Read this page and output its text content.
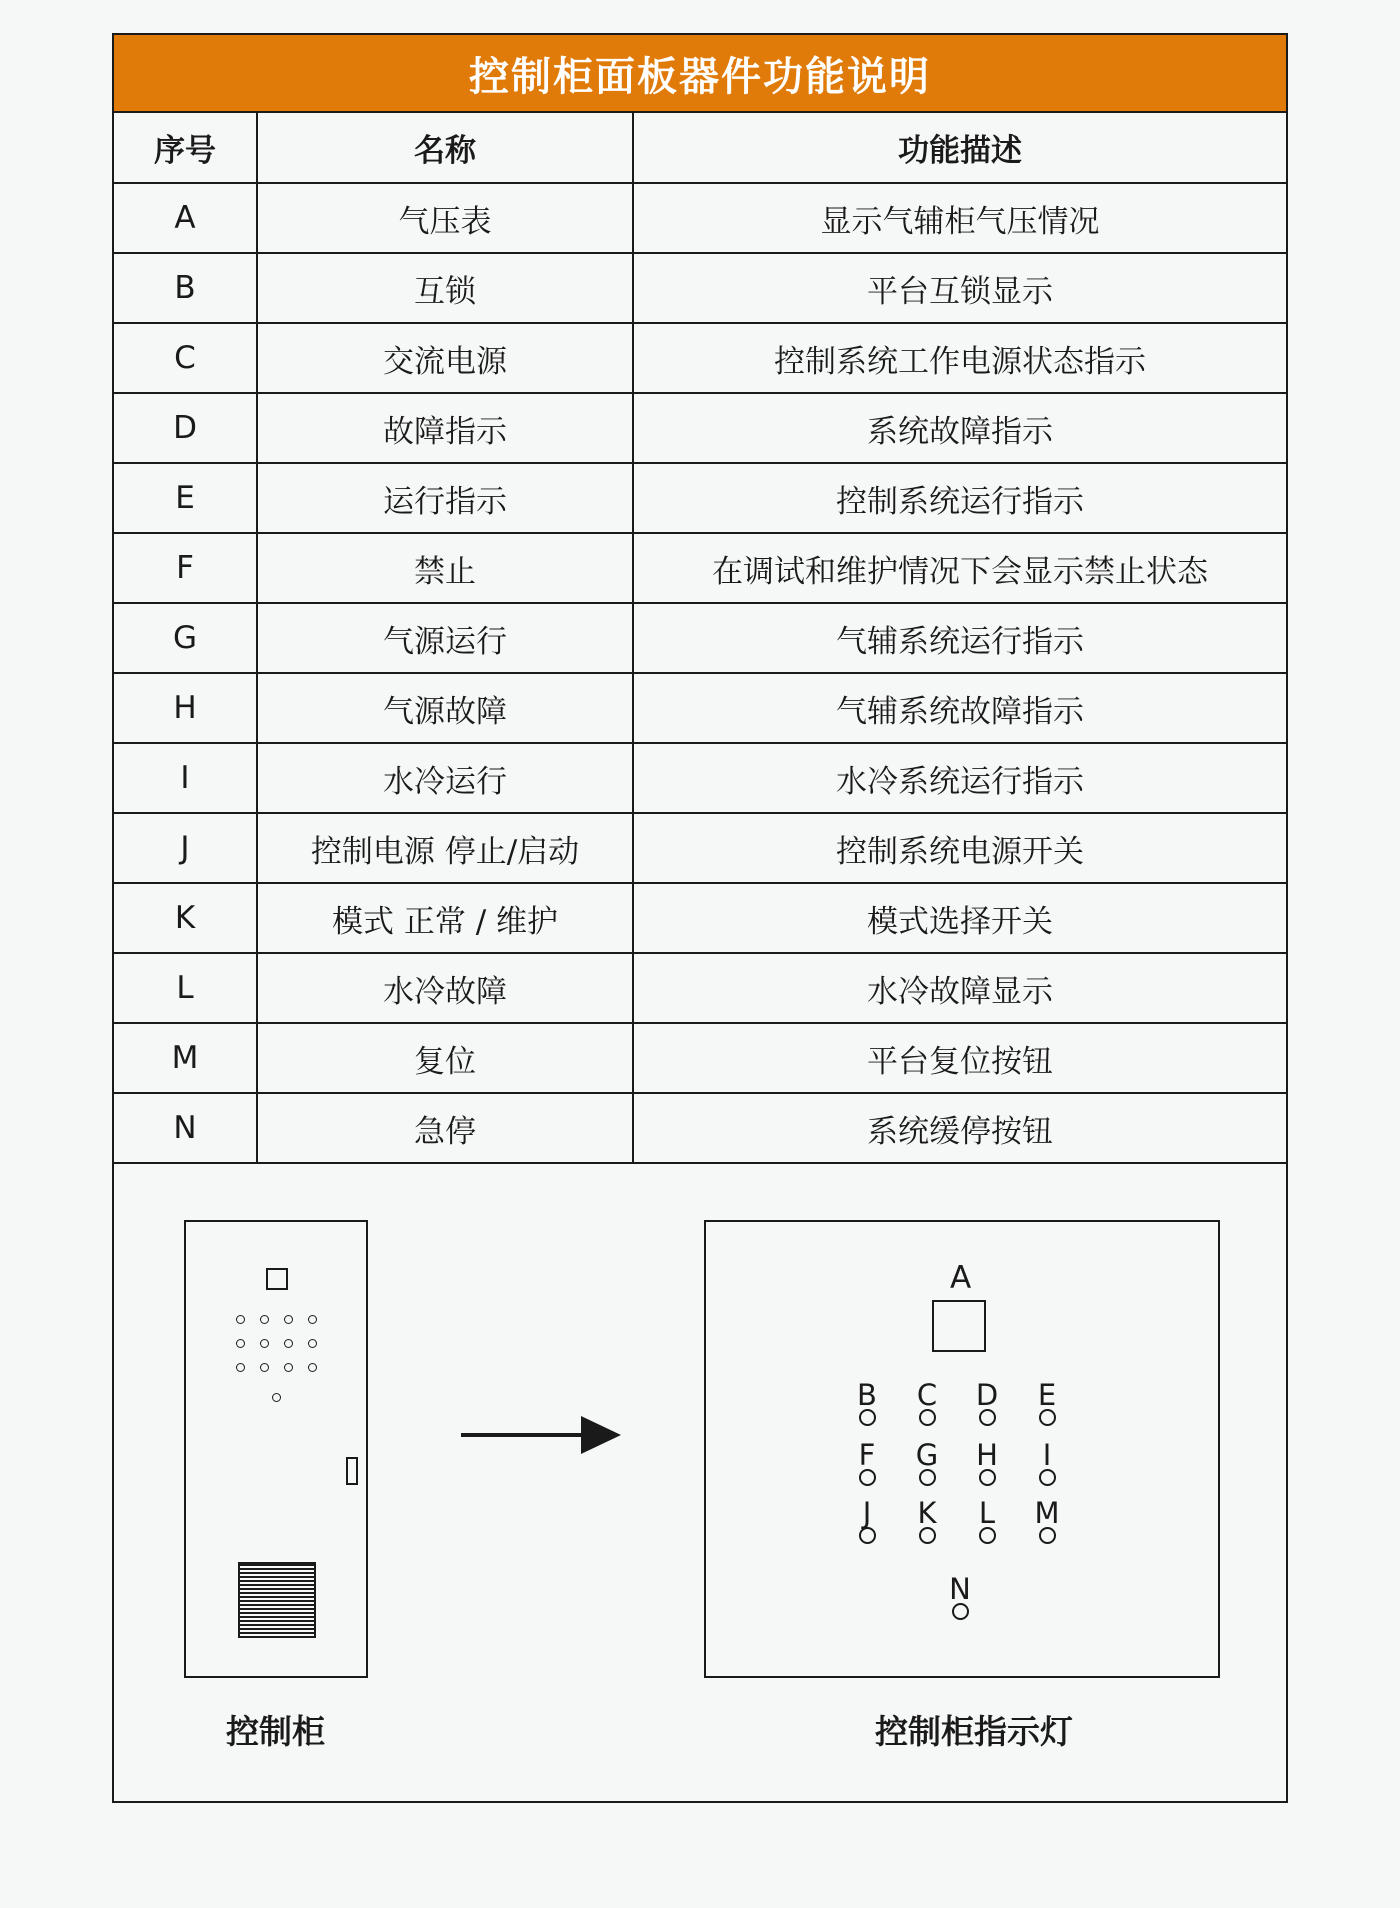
控制柜面板器件功能说明
序号	名称	功能描述
A	气压表	显示气辅柜气压情况
B	互锁	平台互锁显示
C	交流电源	控制系统工作电源状态指示
D	故障指示	系统故障指示
E	运行指示	控制系统运行指示
F	禁止	在调试和维护情况下会显示禁止状态
G	气源运行	气辅系统运行指示
H	气源故障	气辅系统故障指示
I	水冷运行	水冷系统运行指示
J	控制电源 停止/启动	控制系统电源开关
K	模式 正常 / 维护	模式选择开关
L	水冷故障	水冷故障显示
M	复位	平台复位按钮
N	急停	系统缓停按钮
A
B C D E
F G H	I
J	K L M
N
控制柜	控制柜指示灯
